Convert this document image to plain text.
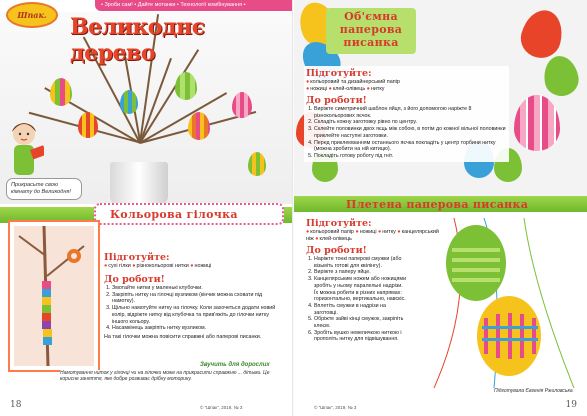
Шпак.
• Зроби сам! • Дайте мотанки • Технології комбінування •
Великоднє дерево
Прикрасьте свою кімнату до Великодня!
Кольорова гілочка
Підготуйте:
●сухі гілки ●різнокольорові нитки ●ножиці
До роботи!
1. Змотайте нитки у маленькі клубочки.
2. Закріпіть нитку на гілочці вузликом (кінчик можна сховати під намотку).
3. Щільно намотуйте нитку на гілочку. Коли захочеться додати новий колір, відріжте нитку від клубочка та прив'яжіть до гілочки нитку іншого кольору.
4. Насамкінець закріпіть нитку вузликом.
На такі гілочки можна повісити справжні або паперові писанки.
Звучить для дорослих
Намотування ниток у гілочці чи на гілочки може на прикрасити справжню ... дітьми. Це корисне заняття, яке добре розвиває дрібну моторику.
18	© "Шпак", 2019, № 3
Об'ємна
паперова
писанка
Підготуйте:
●кольоровий та дизайнерський папір
●ножиці ●клей-олівець ●нитку
До роботи!
1. Виріжте симетричний шаблон яйця, з його допомогою наріжте 8 різнокольорових яєчок.
2. Складіть кожну заготовку рівно по центру.
3. Склейте половинки двох яєць між собою, в потім до кожної вільної половинки приклейте наступні заготовки.
4. Перед приклеюванням останнього яєчка покладіть у центр торбини нитку (можна зробити на ній китицю).
5. Покладіть готову роботу під гніт.
Плетена паперова писанка
Підготуйте:
●кольоровий папір ●ножиці ●нитку ●канцелярський ніж ●клей-олівець
До роботи!
1. Наріжте тонкі паперові смужки (або візьміть готові для квілінгу).
2. Виріжте з паперу яйце.
3. Канцелярським ножем або ножицями зробіть у ньому паралельні надрізи. Їх можна робити в різних напрямах: горизонтально, вертикально, навскіс.
4. Вплетіть смужки в надрізи на заготовці.
5. Обріжте зайві кінці смужок, закріпіть клеєм.
6. Зробіть вушко невеличкою ниткою і прополіть нитку для підвішування.
Підготувала Євгенія Ржиловська
© "Шпак", 2019, № 3	19
